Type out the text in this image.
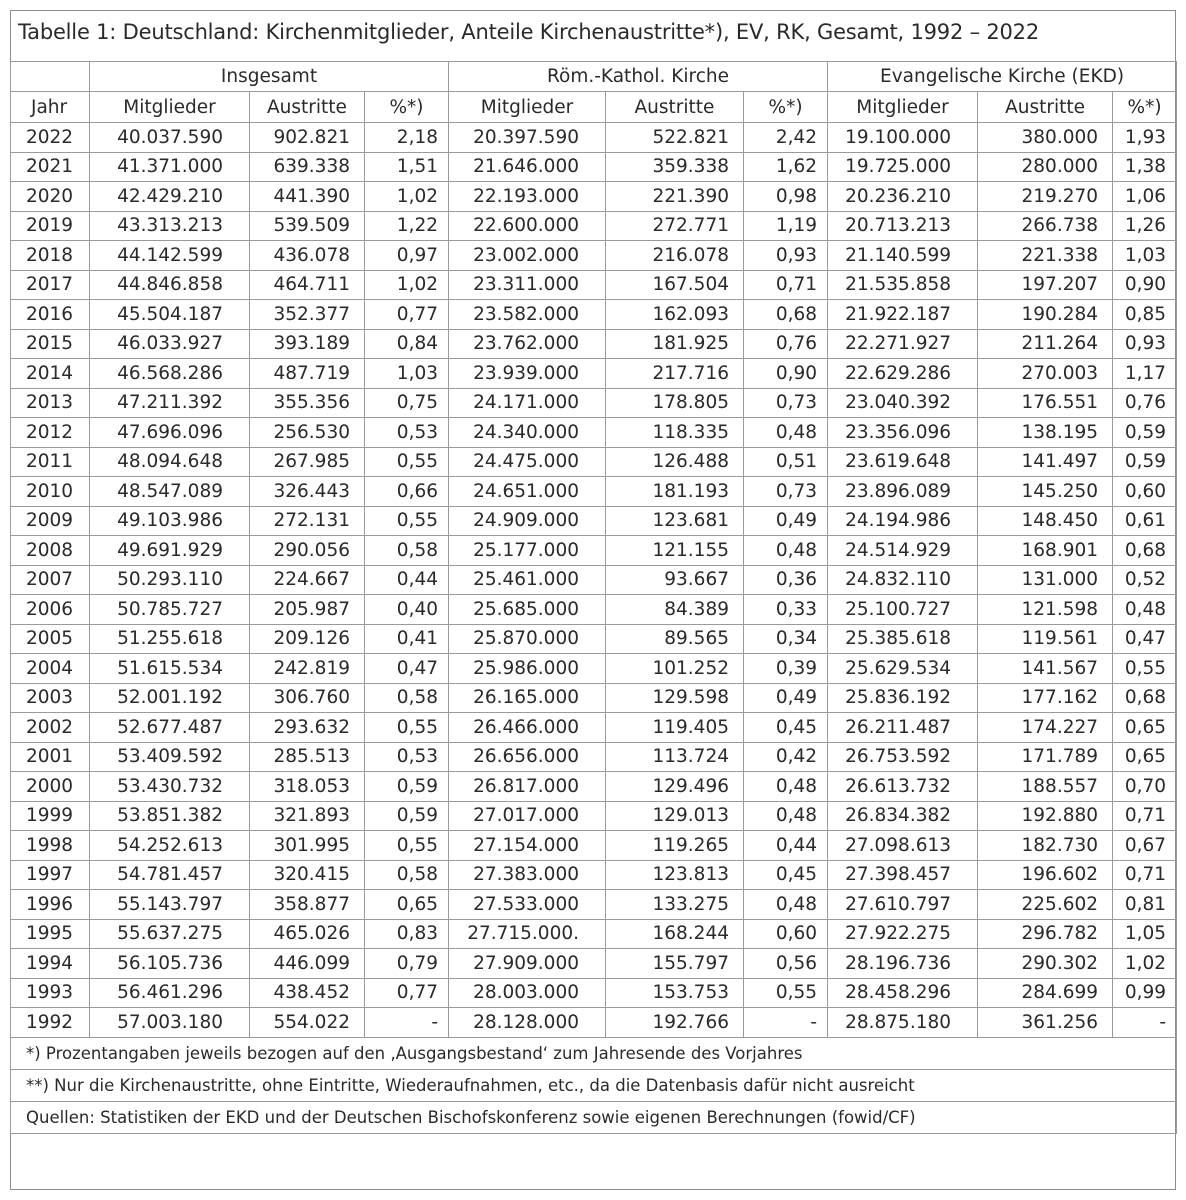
Tabelle 1: Deutschland: Kirchenmitglieder, Anteile Kirchenaustritte*), EV, RK, Gesamt, 1992 – 2022
	Insgesamt			Röm.-Kathol. Kirche			Evangelische Kirche (EKD)		
Jahr	Mitglieder	Austritte	%*)	Mitglieder	Austritte	%*)	Mitglieder	Austritte	%*)
2022	40.037.590	902.821	2,18	20.397.590	522.821	2,42	19.100.000	380.000	1,93
2021	41.371.000	639.338	1,51	21.646.000	359.338	1,62	19.725.000	280.000	1,38
2020	42.429.210	441.390	1,02	22.193.000	221.390	0,98	20.236.210	219.270	1,06
2019	43.313.213	539.509	1,22	22.600.000	272.771	1,19	20.713.213	266.738	1,26
2018	44.142.599	436.078	0,97	23.002.000	216.078	0,93	21.140.599	221.338	1,03
2017	44.846.858	464.711	1,02	23.311.000	167.504	0,71	21.535.858	197.207	0,90
2016	45.504.187	352.377	0,77	23.582.000	162.093	0,68	21.922.187	190.284	0,85
2015	46.033.927	393.189	0,84	23.762.000	181.925	0,76	22.271.927	211.264	0,93
2014	46.568.286	487.719	1,03	23.939.000	217.716	0,90	22.629.286	270.003	1,17
2013	47.211.392	355.356	0,75	24.171.000	178.805	0,73	23.040.392	176.551	0,76
2012	47.696.096	256.530	0,53	24.340.000	118.335	0,48	23.356.096	138.195	0,59
2011	48.094.648	267.985	0,55	24.475.000	126.488	0,51	23.619.648	141.497	0,59
2010	48.547.089	326.443	0,66	24.651.000	181.193	0,73	23.896.089	145.250	0,60
2009	49.103.986	272.131	0,55	24.909.000	123.681	0,49	24.194.986	148.450	0,61
2008	49.691.929	290.056	0,58	25.177.000	121.155	0,48	24.514.929	168.901	0,68
2007	50.293.110	224.667	0,44	25.461.000	93.667	0,36	24.832.110	131.000	0,52
2006	50.785.727	205.987	0,40	25.685.000	84.389	0,33	25.100.727	121.598	0,48
2005	51.255.618	209.126	0,41	25.870.000	89.565	0,34	25.385.618	119.561	0,47
2004	51.615.534	242.819	0,47	25.986.000	101.252	0,39	25.629.534	141.567	0,55
2003	52.001.192	306.760	0,58	26.165.000	129.598	0,49	25.836.192	177.162	0,68
2002	52.677.487	293.632	0,55	26.466.000	119.405	0,45	26.211.487	174.227	0,65
2001	53.409.592	285.513	0,53	26.656.000	113.724	0,42	26.753.592	171.789	0,65
2000	53.430.732	318.053	0,59	26.817.000	129.496	0,48	26.613.732	188.557	0,70
1999	53.851.382	321.893	0,59	27.017.000	129.013	0,48	26.834.382	192.880	0,71
1998	54.252.613	301.995	0,55	27.154.000	119.265	0,44	27.098.613	182.730	0,67
1997	54.781.457	320.415	0,58	27.383.000	123.813	0,45	27.398.457	196.602	0,71
1996	55.143.797	358.877	0,65	27.533.000	133.275	0,48	27.610.797	225.602	0,81
1995	55.637.275	465.026	0,83	27.715.000.	168.244	0,60	27.922.275	296.782	1,05
1994	56.105.736	446.099	0,79	27.909.000	155.797	0,56	28.196.736	290.302	1,02
1993	56.461.296	438.452	0,77	28.003.000	153.753	0,55	28.458.296	284.699	0,99
1992	57.003.180	554.022	-	28.128.000	192.766	-	28.875.180	361.256	-
*) Prozentangaben jeweils bezogen auf den ‚Ausgangsbestand‘ zum Jahresende des Vorjahres									
**) Nur die Kirchenaustritte, ohne Eintritte, Wiederaufnahmen, etc., da die Datenbasis dafür nicht ausreicht									
Quellen: Statistiken der EKD und der Deutschen Bischofskonferenz sowie eigenen Berechnungen (fowid/CF)									
